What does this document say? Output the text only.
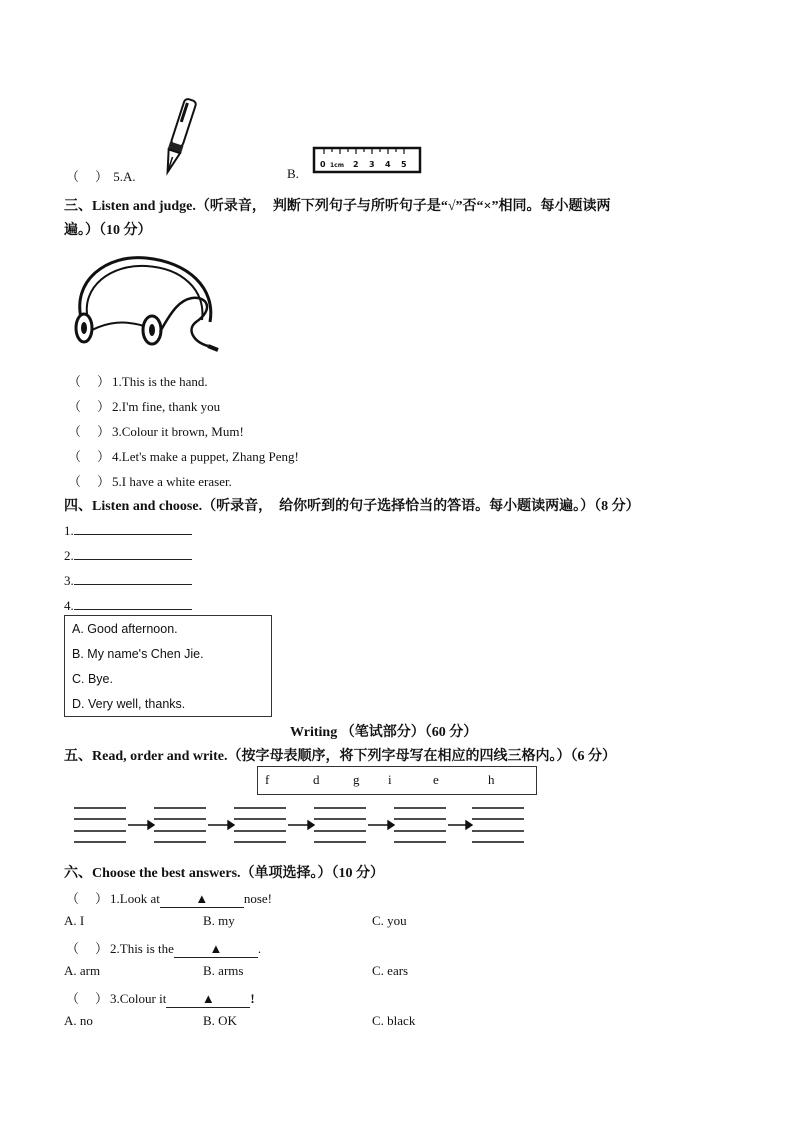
（ ） 5.A.	B.
0 1cm 2 3 4 5
三、Listen and judge.（听录音，　判断下列句子与所听句子是“√”否“×”相同。每小题读两
遍。）（10 分）
（ ） 1.This is the hand.
（ ） 2.I'm fine, thank you
（ ） 3.Colour it brown, Mum!
（ ） 4.Let's make a puppet, Zhang Peng!
（ ） 5.I have a white eraser.
四、Listen and choose.（听录音，　给你听到的句子选择恰当的答语。每小题读两遍。）（8 分）
1.
2.
3.
4.
A. Good afternoon.
B. My name's Chen Jie.
C. Bye.
D. Very well, thanks.
Writing （笔试部分）（60 分）
五、Read, order and write.（按字母表顺序，将下列字母写在相应的四线三格内。）（6 分）
f	d	g i	e	h
六、Choose the best answers.（单项选择。）（10 分）
（ ） 1.Look at	▲	nose!
A. I	B. my	C. you
（ ） 2.This is the	▲	.
A. arm	B. arms	C. ears
（ ） 3.Colour it	▲	!
A. no	B. OK	C. black
